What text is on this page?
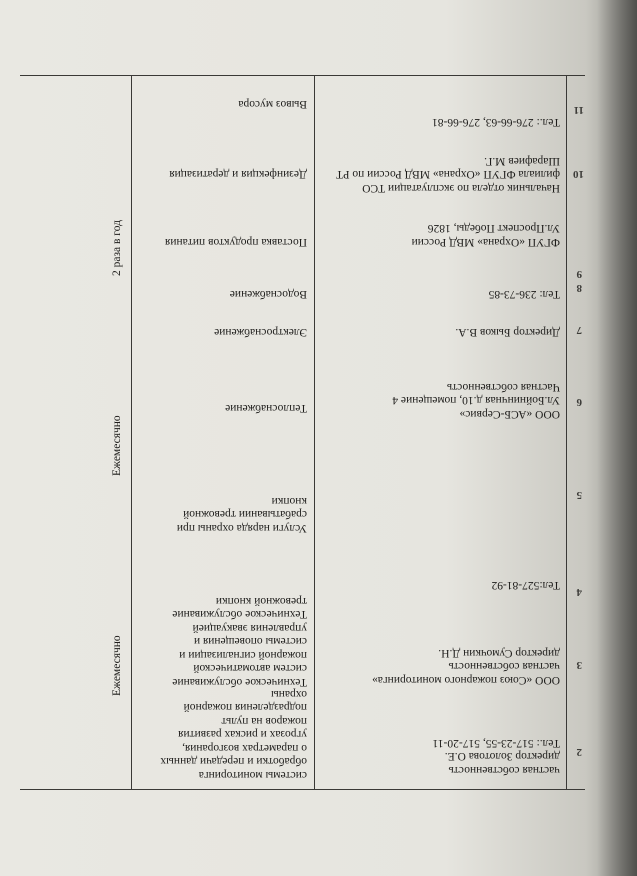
2
частная собственность
директор Золотова О.Е.
Тел.: 517-23-55, 517-20-11
системы мониторинга
обработки и передачи данных
о параметрах возгорания,
угрозах и рисках развития
пожаров на пульт
подразделения пожарной
охраны
3
ООО «Союз пожарного мониторинга»
частная собственность
директор Сумочкин Д.Н.
Техническое обслуживание
систем автоматической
пожарной сигнализации и
системы оповещения и
управления эвакуацией
Техническое обслуживание
тревожной кнопки
4
Тел:527-81-92
5
Услуги наряда охраны при
срабатывании тревожной
кнопки
6
ООО «АСБ-Сервис»
Ул.Бойнинчная д.10, помещение 4
Частная собственность
Теплоснабжение
7
Директор Быков В.А.
Электроснабжение
8
Тел: 236-73-85
Водоснабжение
9
ФГУП «Охрана» МВД России
Ул.Проспект Победы, 1826
Поставка продуктов питания
10
Начальник отдела по эксплуатации ТСО
филиала ФГУП «Охрана» МВД России по РТ
Шарафиев М.Г.
Дезинфекция и дератизация
11
Тел.: 276-66-63, 276-66-81
Вывоз мусора
Ежемесячно
Ежемесячно
2 раза в год
